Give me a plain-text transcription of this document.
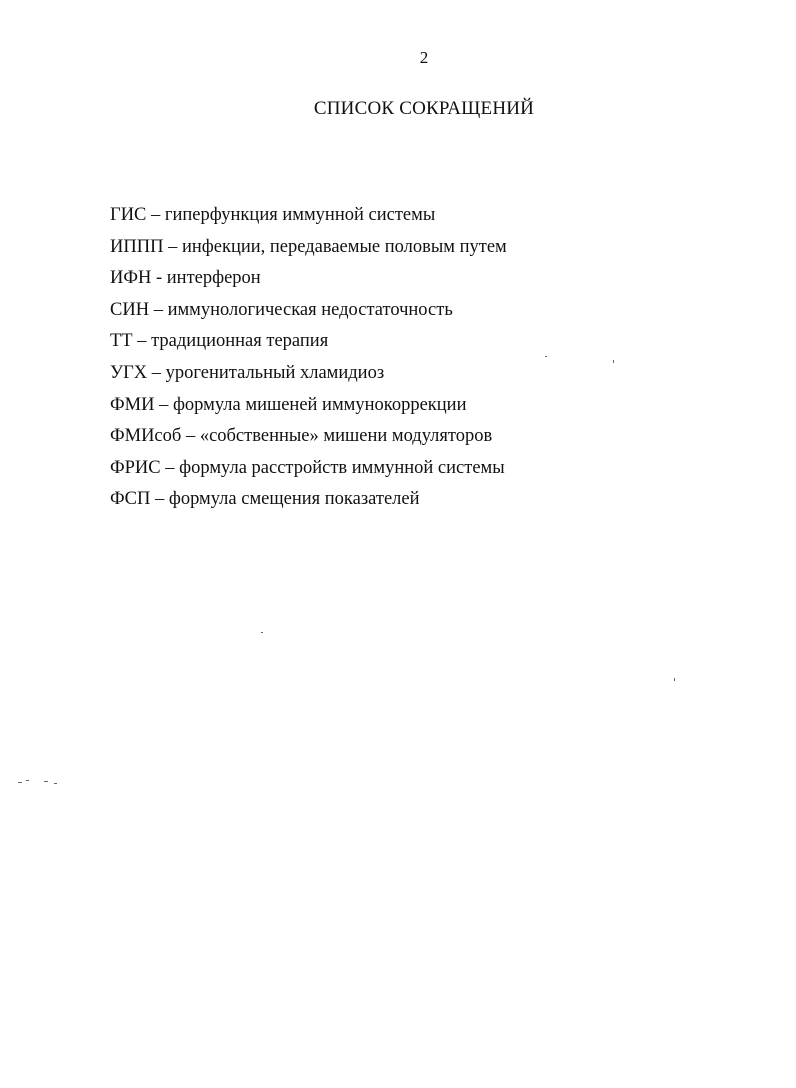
2
СПИСОК СОКРАЩЕНИЙ
ГИС – гиперфункция иммунной системы
ИППП – инфекции, передаваемые половым путем
ИФН - интерферон
СИН – иммунологическая недостаточность
ТТ – традиционная терапия
УГХ – урогенитальный хламидиоз
ФМИ – формула мишеней иммунокоррекции
ФМИсоб – «собственные» мишени модуляторов
ФРИС – формула расстройств иммунной системы
ФСП – формула смещения показателей
